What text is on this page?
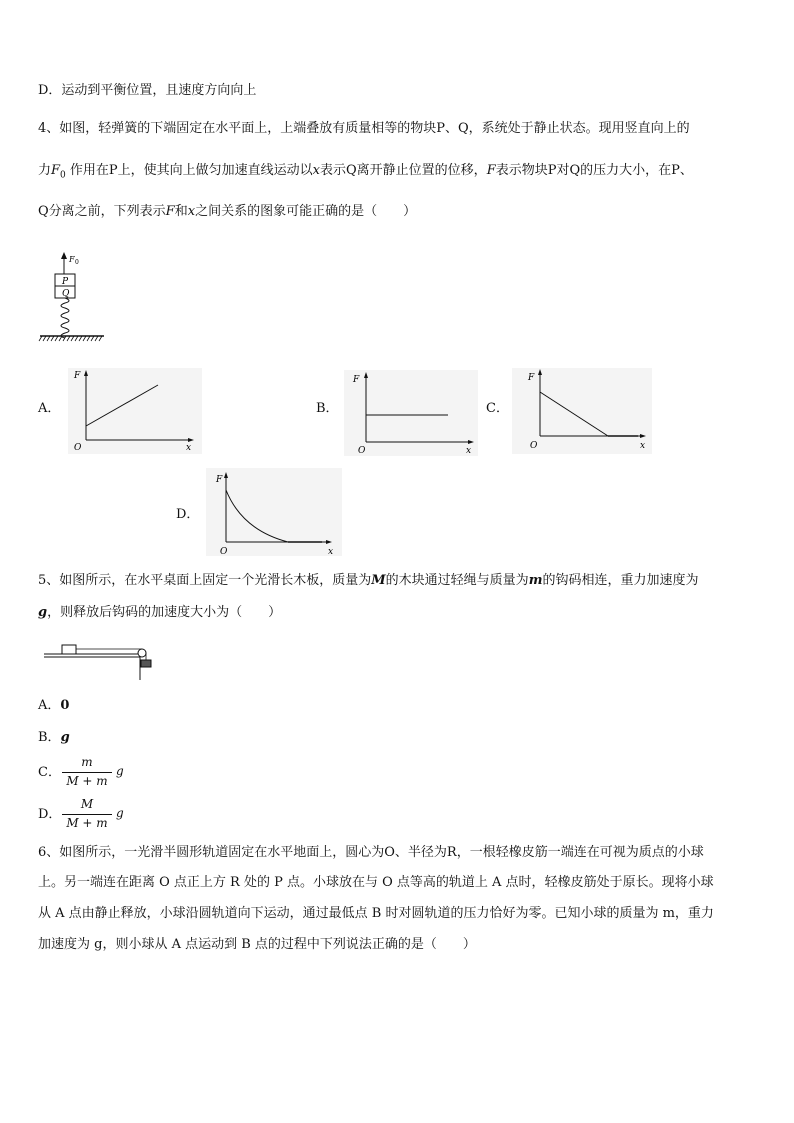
D．运动到平衡位置，且速度方向向上
4、如图，轻弹簧的下端固定在水平面上，上端叠放有质量相等的物块P、Q，系统处于静止状态。现用竖直向上的
力$F_0$ 作用在P上，使其向上做匀加速直线运动以x表示Q离开静止位置的位移，F表示物块P对Q的压力大小，在P、
Q分离之前，下列表示F和x之间关系的图象可能正确的是（　　）
F 0
P
Q
A．
F
x
O
B．
F
x
O
C．
F
x
O
D．
F
x
O
5、如图所示，在水平桌面上固定一个光滑长木板，质量为M的木块通过轻绳与质量为m的钩码相连，重力加速度为
g，则释放后钩码的加速度大小为（　　）
A．0
B．g
C．
m
M + m
g
D．
M
M + m
g
6、如图所示，一光滑半圆形轨道固定在水平地面上，圆心为O、半径为R，一根轻橡皮筋一端连在可视为质点的小球
上。另一端连在距离 O 点正上方 R 处的 P 点。小球放在与 O 点等高的轨道上 A 点时，轻橡皮筋处于原长。现将小球
从 A 点由静止释放，小球沿圆轨道向下运动，通过最低点 B 时对圆轨道的压力恰好为零。已知小球的质量为 m，重力
加速度为 g，则小球从 A 点运动到 B 点的过程中下列说法正确的是（　　）
